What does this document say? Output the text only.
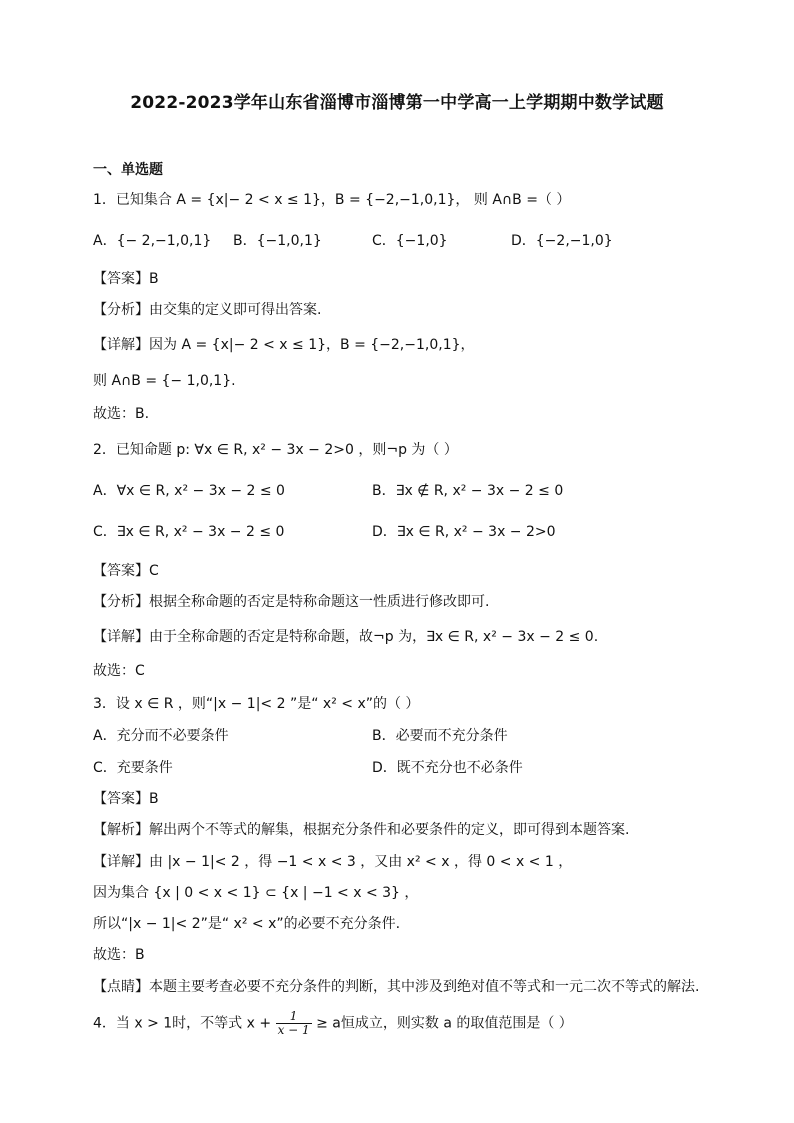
2022-2023学年山东省淄博市淄博第一中学高一上学期期中数学试题
一、单选题
1．已知集合 A = {x|− 2 < x ≤ 1}，B = {−2,−1,0,1}， 则 A∩B =（ ）
A．{− 2,−1,0,1} B．{−1,0,1}	C．{−1,0}	D．{−2,−1,0}
【答案】B
【分析】由交集的定义即可得出答案.
【详解】因为 A = {x|− 2 < x ≤ 1}，B = {−2,−1,0,1}，
则 A∩B = {− 1,0,1}.
故选：B.
2．已知命题 p: ∀x ∈ R, x² − 3x − 2>0 ，则¬p 为（ ）
A．∀x ∈ R, x² − 3x − 2 ≤ 0	B．∃x ∉ R, x² − 3x − 2 ≤ 0
C．∃x ∈ R, x² − 3x − 2 ≤ 0	D．∃x ∈ R, x² − 3x − 2>0
【答案】C
【分析】根据全称命题的否定是特称命题这一性质进行修改即可.
【详解】由于全称命题的否定是特称命题，故¬p 为，∃x ∈ R, x² − 3x − 2 ≤ 0.
故选：C
3．设 x ∈ R ，则“|x − 1|< 2 ”是“ x² < x”的（ ）
A．充分而不必要条件	B．必要而不充分条件
C．充要条件	D．既不充分也不必条件
【答案】B
【解析】解出两个不等式的解集，根据充分条件和必要条件的定义，即可得到本题答案.
【详解】由 |x − 1|< 2 ，得 −1 < x < 3 ，又由 x² < x ，得 0 < x < 1 ，
因为集合 {x | 0 < x < 1} ⊂ {x | −1 < x < 3} ，
所以“|x − 1|< 2”是“ x² < x”的必要不充分条件.
故选：B
【点睛】本题主要考查必要不充分条件的判断，其中涉及到绝对值不等式和一元二次不等式的解法.
4．当 x > 1时，不等式 $x + \frac{1}{x - 1} \ge a$恒成立，则实数 a 的取值范围是（ ）
